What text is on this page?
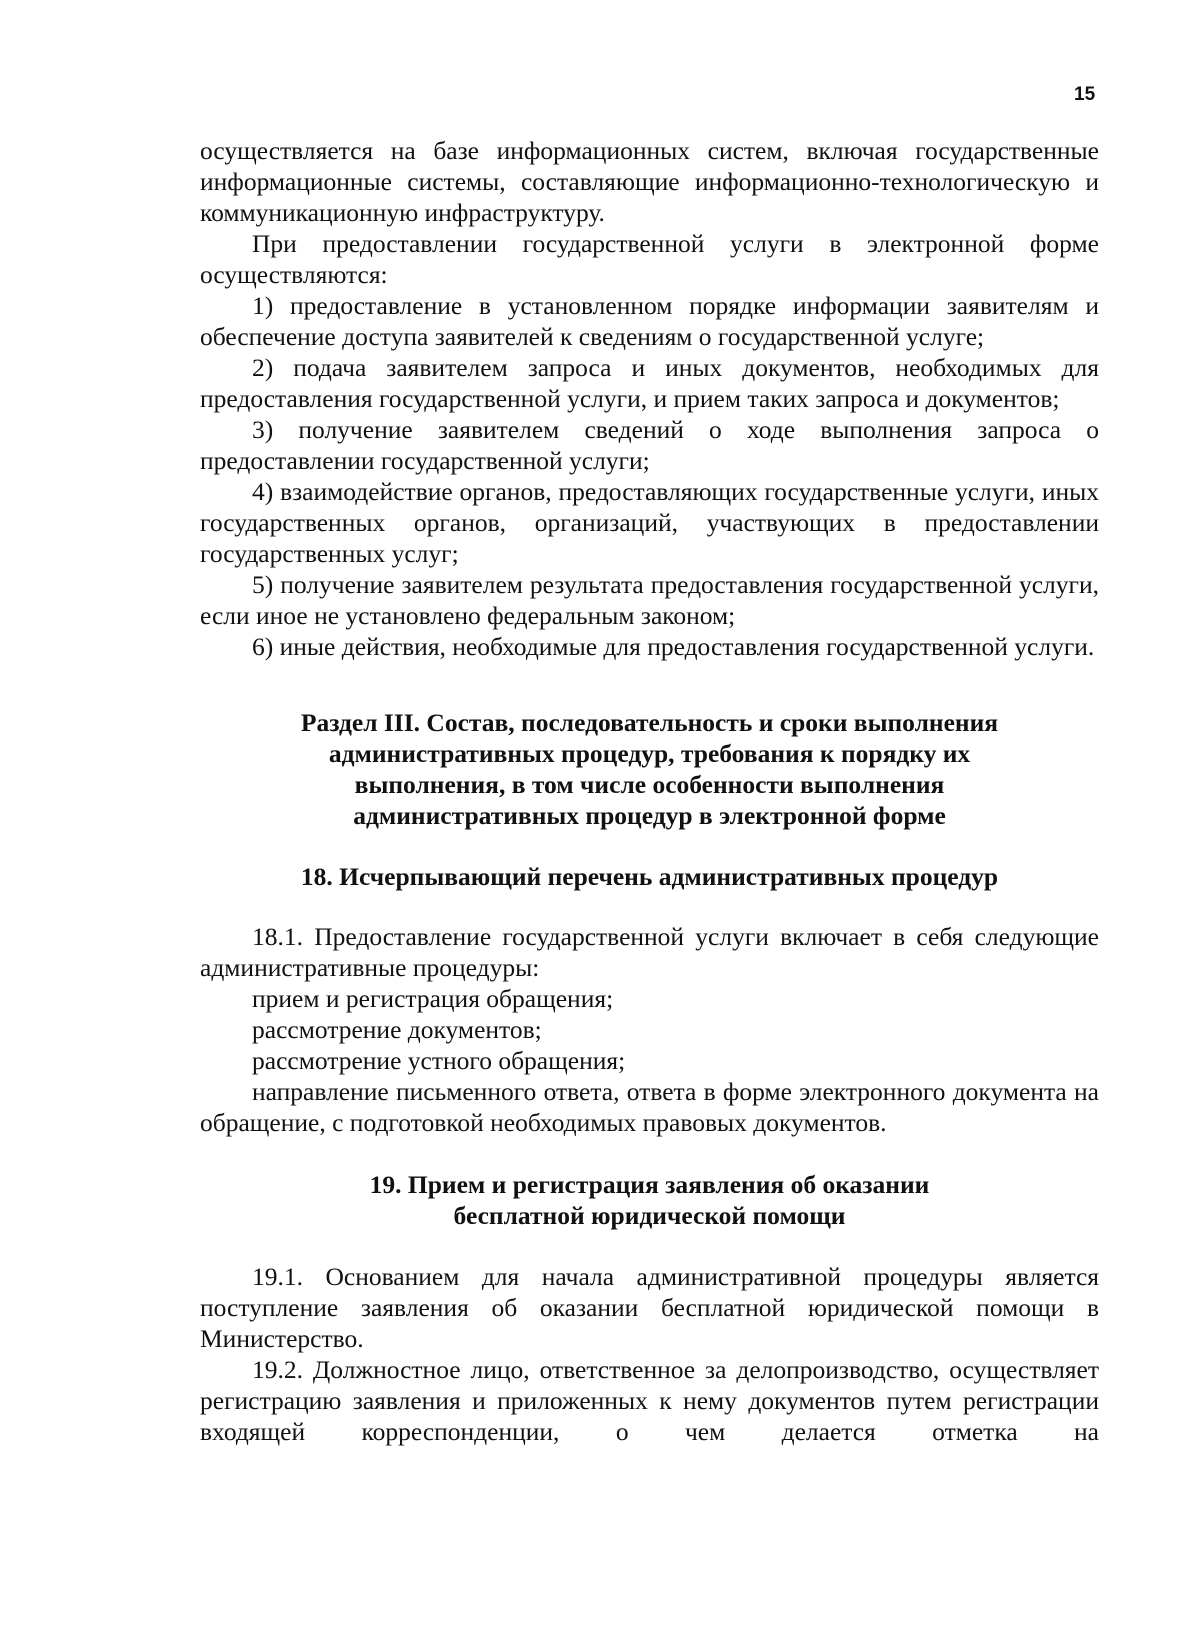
15

осуществляется на базе информационных систем, включая государственные информационные системы, составляющие информационно-технологическую и коммуникационную инфраструктуру.

При предоставлении государственной услуги в электронной форме осуществляются:

1) предоставление в установленном порядке информации заявителям и обеспечение доступа заявителей к сведениям о государственной услуге;

2) подача заявителем запроса и иных документов, необходимых для предоставления государственной услуги, и прием таких запроса и документов;

3) получение заявителем сведений о ходе выполнения запроса о предоставлении государственной услуги;

4) взаимодействие органов, предоставляющих государственные услуги, иных государственных органов, организаций, участвующих в предоставлении государственных услуг;

5) получение заявителем результата предоставления государственной услуги, если иное не установлено федеральным законом;

6) иные действия, необходимые для предоставления государственной услуги.

Раздел III. Состав, последовательность и сроки выполнения
административных процедур, требования к порядку их
выполнения, в том числе особенности выполнения
административных процедур в электронной форме
18. Исчерпывающий перечень административных процедур

18.1. Предоставление государственной услуги включает в себя следующие административные процедуры:

прием и регистрация обращения;

рассмотрение документов;

рассмотрение устного обращения;

направление письменного ответа, ответа в форме электронного документа на обращение, с подготовкой необходимых правовых документов.

19. Прием и регистрация заявления об оказании
бесплатной юридической помощи

19.1. Основанием для начала административной процедуры является поступление заявления об оказании бесплатной юридической помощи в Министерство.

19.2. Должностное лицо, ответственное за делопроизводство, осуществляет регистрацию заявления и приложенных к нему документов путем регистрации входящей корреспонденции, о чем делается отметка на
